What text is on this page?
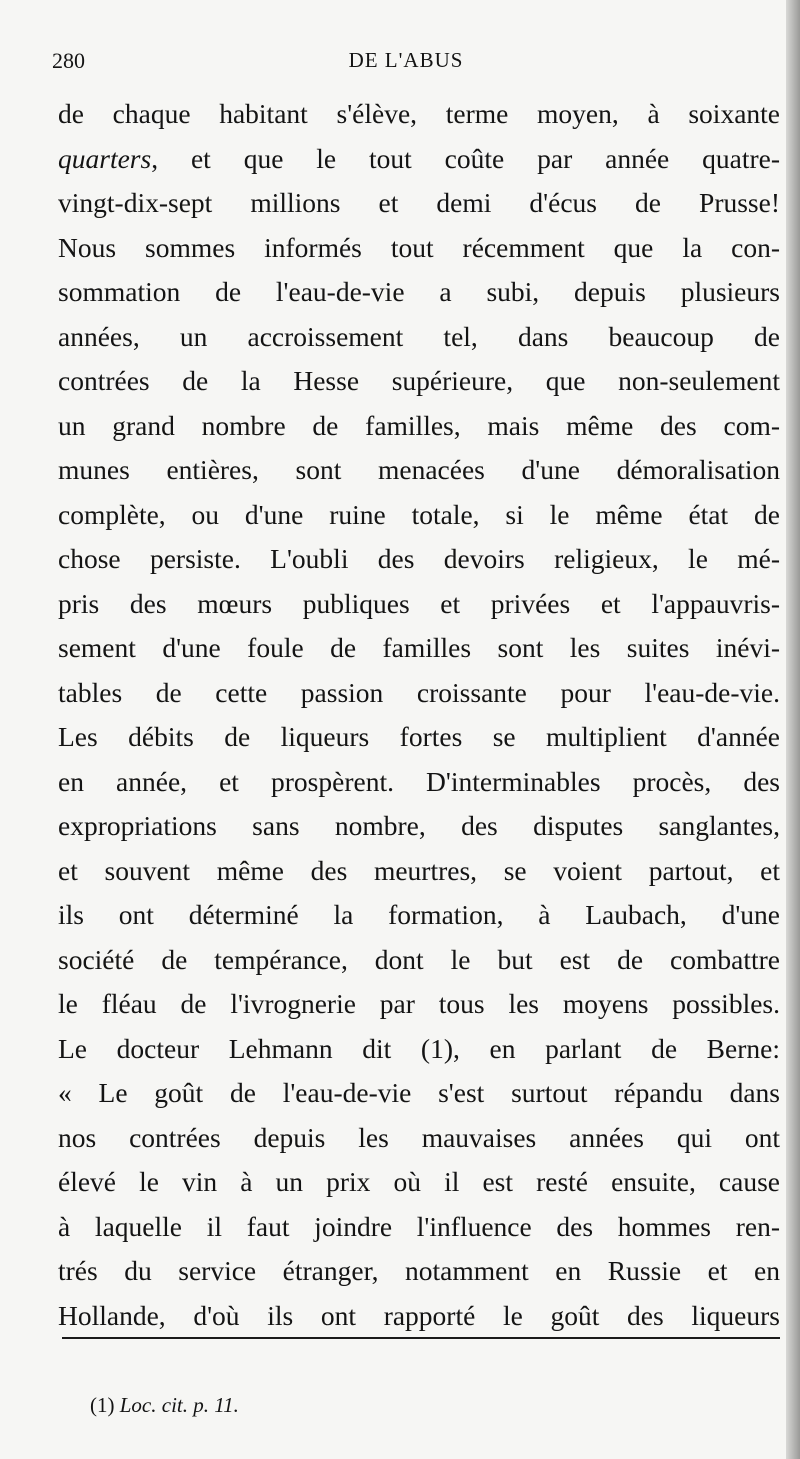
280	DE L'ABUS
de chaque habitant s'élève, terme moyen, à soixante
quarters, et que le tout coûte par année quatre-
vingt-dix-sept millions et demi d'écus de Prusse!
Nous sommes informés tout récemment que la con-
sommation de l'eau-de-vie a subi, depuis plusieurs
années, un accroissement tel, dans beaucoup de
contrées de la Hesse supérieure, que non-seulement
un grand nombre de familles, mais même des com-
munes entières, sont menacées d'une démoralisation
complète, ou d'une ruine totale, si le même état de
chose persiste. L'oubli des devoirs religieux, le mé-
pris des mœurs publiques et privées et l'appauvris-
sement d'une foule de familles sont les suites inévi-
tables de cette passion croissante pour l'eau-de-vie.
Les débits de liqueurs fortes se multiplient d'année
en année, et prospèrent. D'interminables procès, des
expropriations sans nombre, des disputes sanglantes,
et souvent même des meurtres, se voient partout, et
ils ont déterminé la formation, à Laubach, d'une
société de tempérance, dont le but est de combattre
le fléau de l'ivrognerie par tous les moyens possibles.
Le docteur Lehmann dit (1), en parlant de Berne:
« Le goût de l'eau-de-vie s'est surtout répandu dans
nos contrées depuis les mauvaises années qui ont
élevé le vin à un prix où il est resté ensuite, cause
à laquelle il faut joindre l'influence des hommes ren-
trés du service étranger, notamment en Russie et en
Hollande, d'où ils ont rapporté le goût des liqueurs
(1) Loc. cit. p. 11.
